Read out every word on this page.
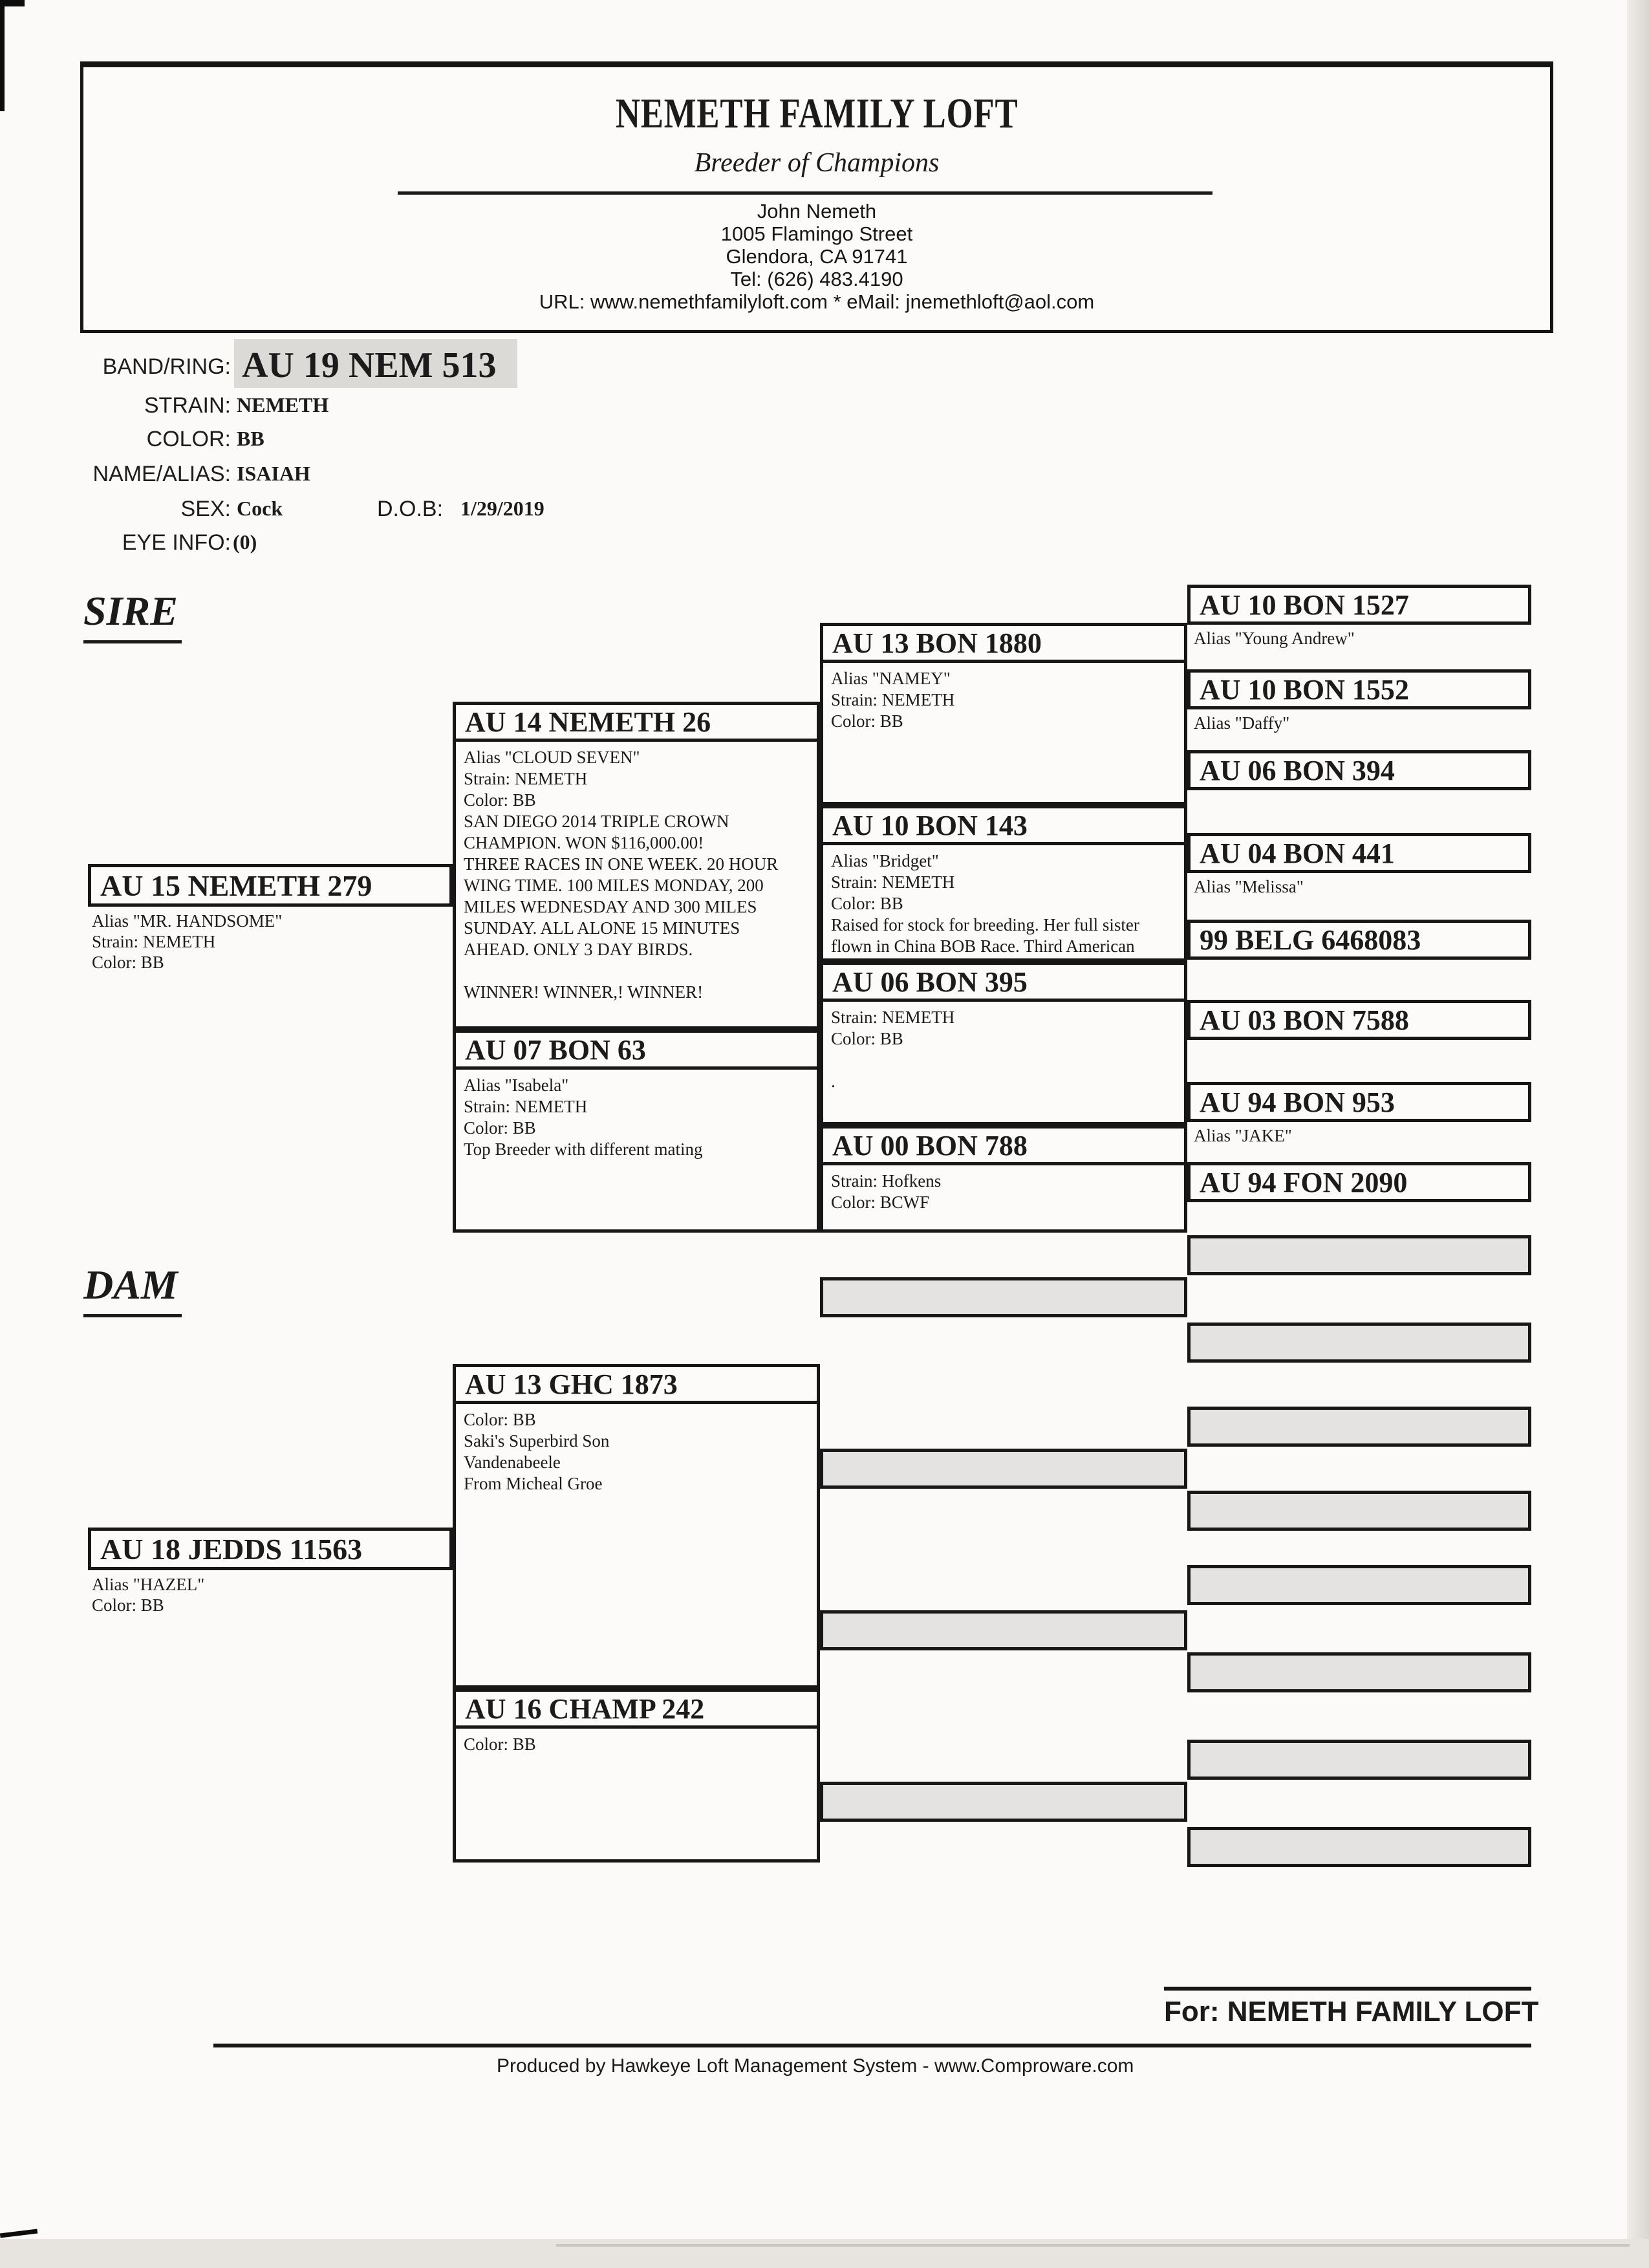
NEMETH FAMILY LOFT
Breeder of Champions
John Nemeth
1005 Flamingo Street
Glendora, CA 91741
Tel: (626) 483.4190
URL: www.nemethfamilyloft.com * eMail: jnemethloft@aol.com
BAND/RING: AU 19 NEM 513
STRAIN: NEMETH
COLOR: BB
NAME/ALIAS: ISAIAH
SEX: Cock	D.O.B: 1/29/2019
EYE INFO: (0)
SIRE
DAM
AU 15 NEMETH 279
Alias "MR. HANDSOME"
Strain: NEMETH
Color: BB
AU 14 NEMETH 26
Alias "CLOUD SEVEN"
Strain: NEMETH
Color: BB
SAN DIEGO 2014 TRIPLE CROWN
CHAMPION. WON $116,000.00!
THREE RACES IN ONE WEEK. 20 HOUR
WING TIME. 100 MILES MONDAY, 200
MILES WEDNESDAY AND 300 MILES
SUNDAY. ALL ALONE 15 MINUTES
AHEAD. ONLY 3 DAY BIRDS.

WINNER! WINNER,! WINNER!
AU 07 BON 63
Alias "Isabela"
Strain: NEMETH
Color: BB
Top Breeder with different mating
AU 13 BON 1880
Alias "NAMEY"
Strain: NEMETH
Color: BB
AU 10 BON 143
Alias "Bridget"
Strain: NEMETH
Color: BB
Raised for stock for breeding. Her full sister
flown in China BOB Race. Third American
AU 06 BON 395
Strain: NEMETH
Color: BB

.
AU 00 BON 788
Strain: Hofkens
Color: BCWF
AU 10 BON 1527
Alias "Young Andrew"
AU 10 BON 1552
Alias "Daffy"
AU 06 BON 394
AU 04 BON 441
Alias "Melissa"
99 BELG 6468083
AU 03 BON 7588
AU 94 BON 953
Alias "JAKE"
AU 94 FON 2090
AU 18 JEDDS 11563
Alias "HAZEL"
Color: BB
AU 13 GHC 1873
Color: BB
Saki's Superbird Son
Vandenabeele
From Micheal Groe
AU 16 CHAMP 242
Color: BB
For: NEMETH FAMILY LOFT
Produced by Hawkeye Loft Management System - www.Comproware.com
